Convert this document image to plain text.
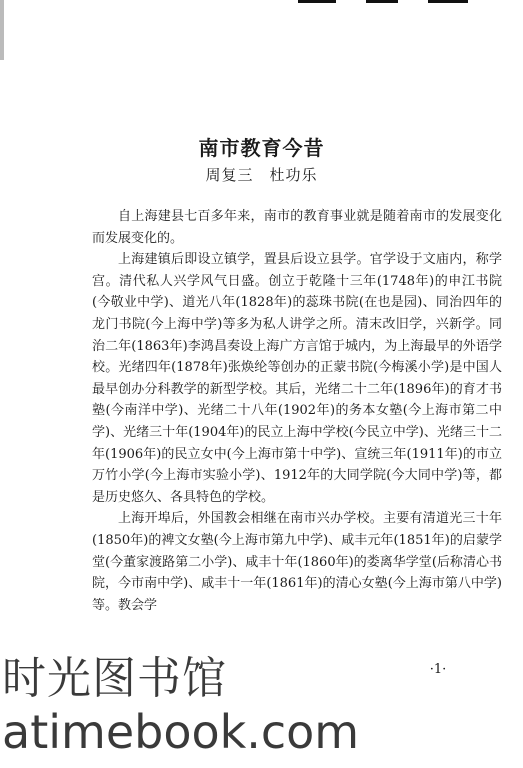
南市教育今昔
周复三　杜功乐

自上海建县七百多年来，南市的教育事业就是随着南市的发展变化而发展变化的。

上海建镇后即设立镇学，置县后设立县学。官学设于文庙内，称学宫。清代私人兴学风气日盛。创立于乾隆十三年(1748年)的申江书院(今敬业中学)、道光八年(1828年)的蕊珠书院(在也是园)、同治四年的龙门书院(今上海中学)等多为私人讲学之所。清末改旧学，兴新学。同治二年(1863年)李鸿昌奏设上海广方言馆于城内，为上海最早的外语学校。光绪四年(1878年)张焕纶等创办的正蒙书院(今梅溪小学)是中国人最早创办分科教学的新型学校。其后，光绪二十二年(1896年)的育才书塾(今南洋中学)、光绪二十八年(1902年)的务本女塾(今上海市第二中学)、光绪三十年(1904年)的民立上海中学校(今民立中学)、光绪三十二年(1906年)的民立女中(今上海市第十中学)、宣统三年(1911年)的市立万竹小学(今上海市实验小学)、1912年的大同学院(今大同中学)等，都是历史悠久、各具特色的学校。

上海开埠后，外国教会相继在南市兴办学校。主要有清道光三十年(1850年)的裨文女塾(今上海市第九中学)、咸丰元年(1851年)的启蒙学堂(今董家渡路第二小学)、咸丰十年(1860年)的娄离华学堂(后称清心书院，今市南中学)、咸丰十一年(1861年)的清心女塾(今上海市第八中学)等。教会学

·1·
时光图书馆
atimebook.com
